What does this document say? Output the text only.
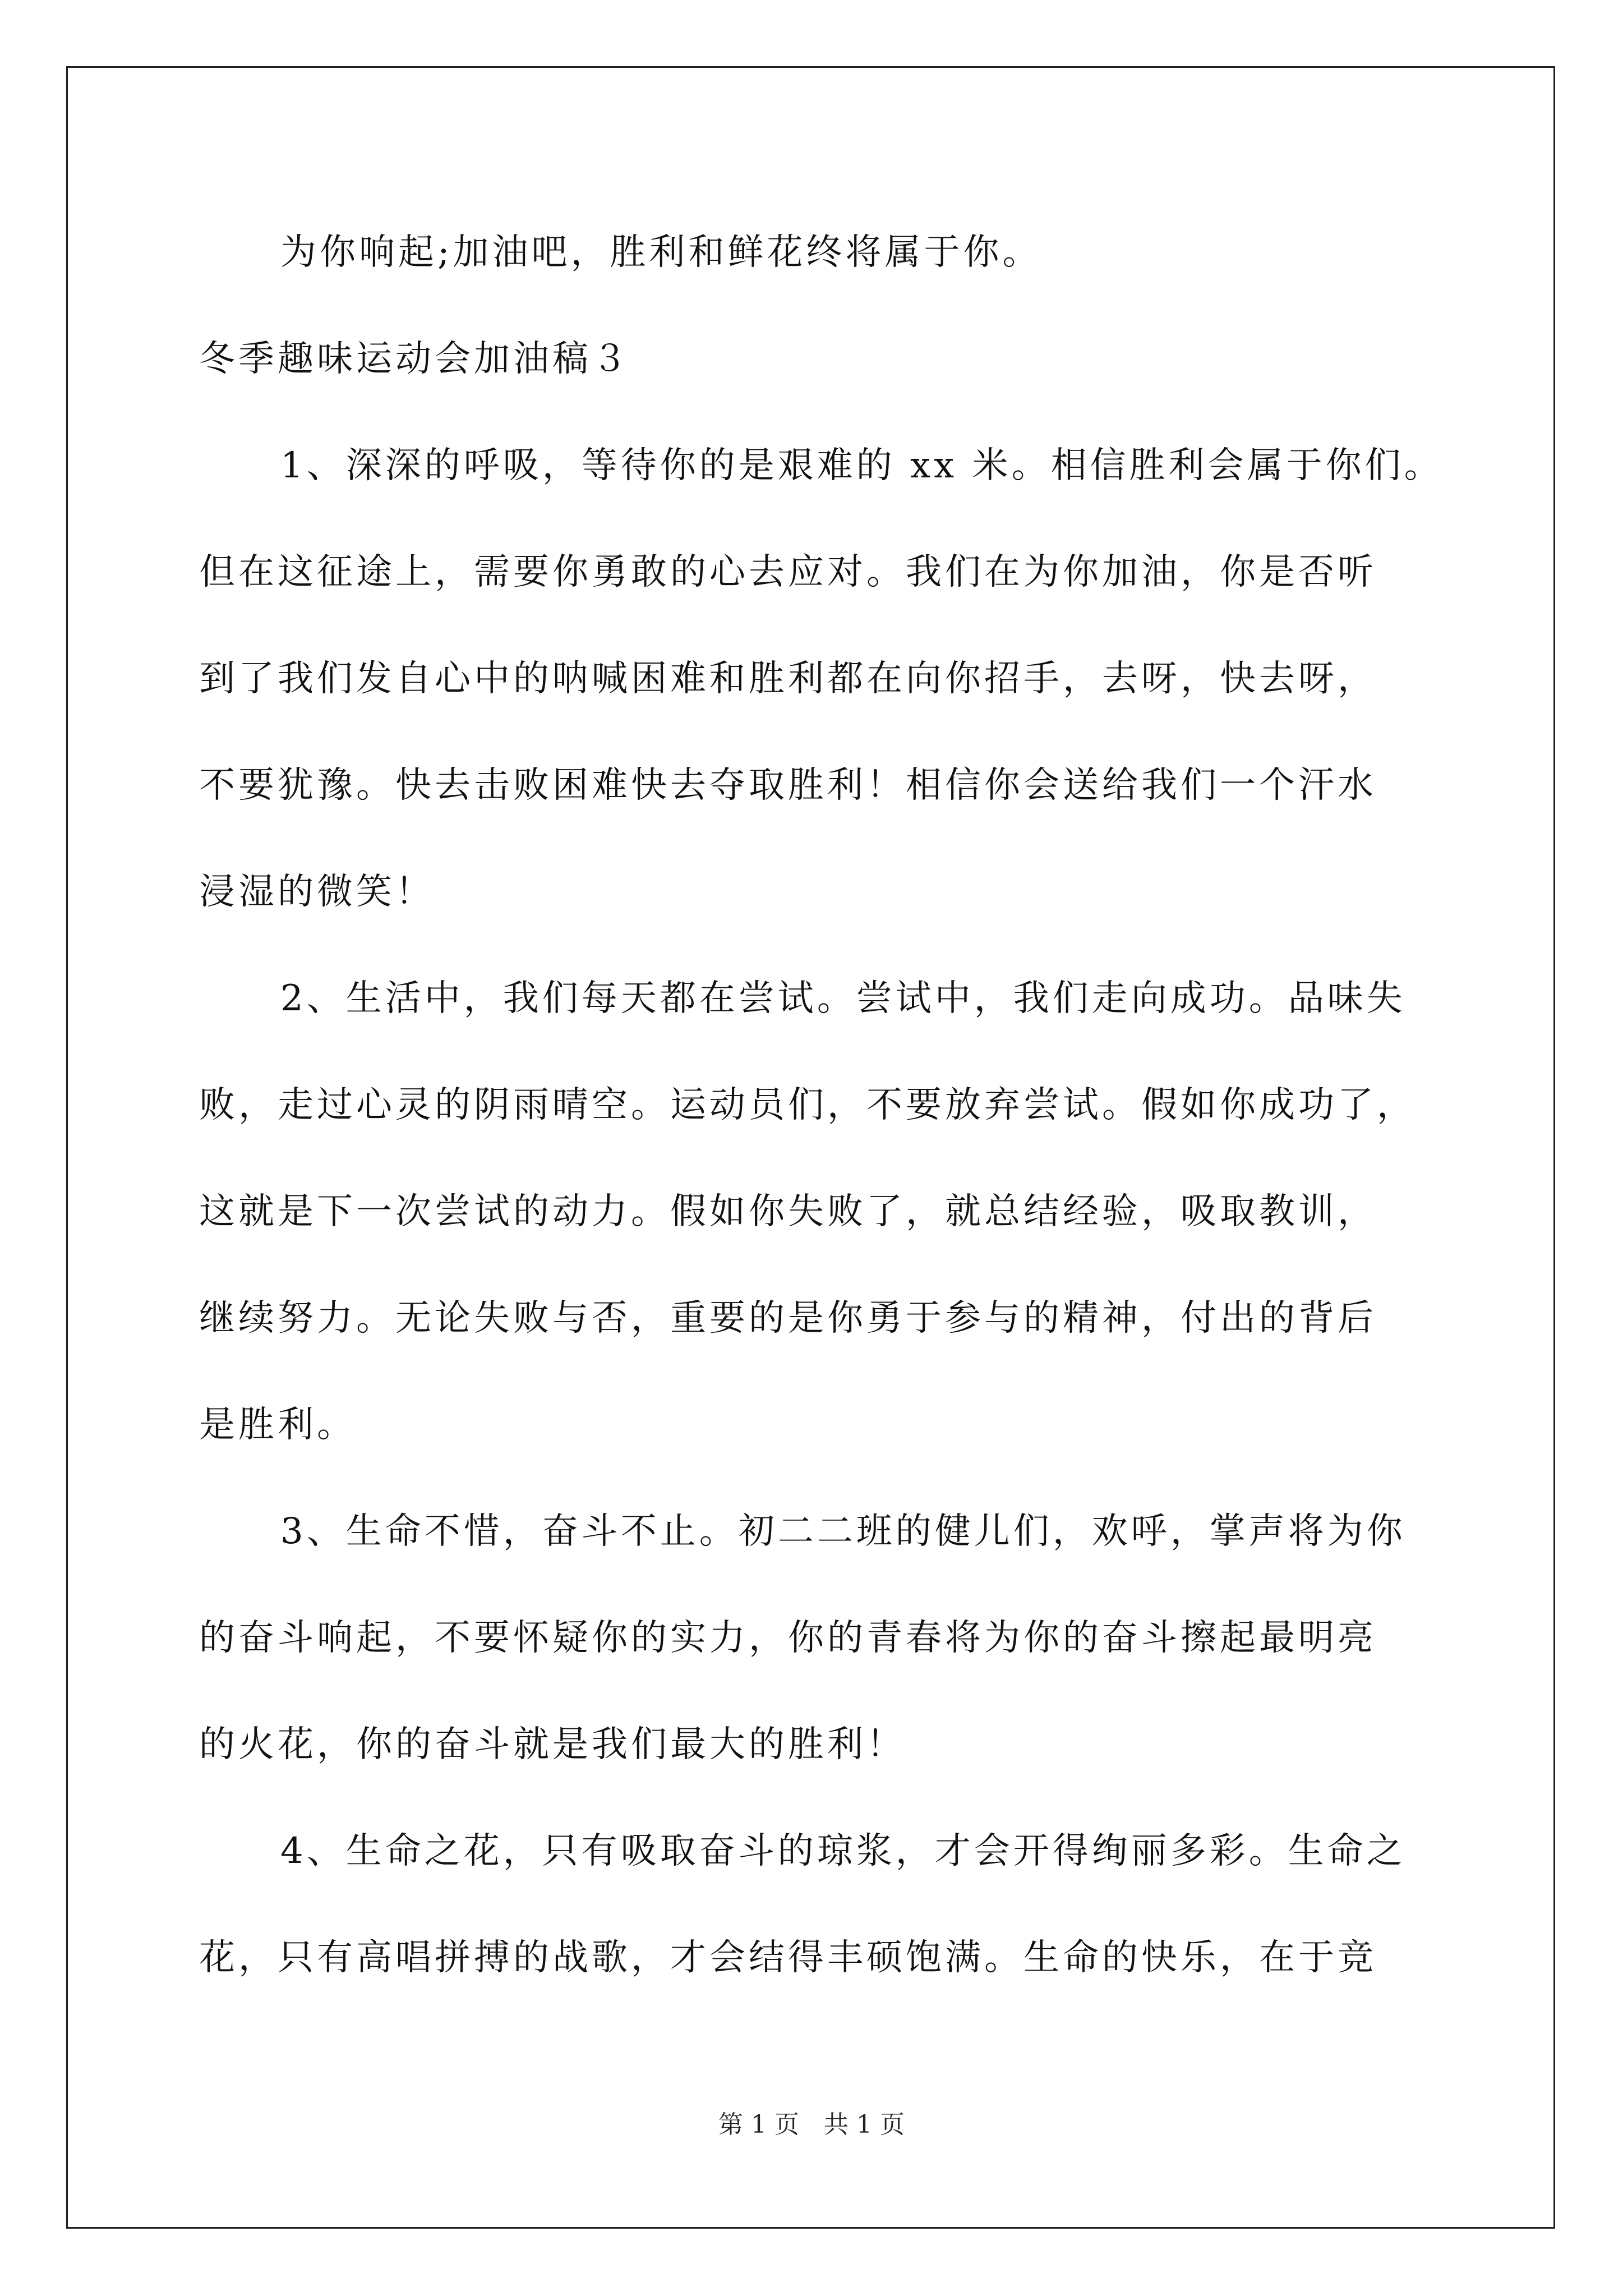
为你响起;加油吧，胜利和鲜花终将属于你。
冬季趣味运动会加油稿３
1、深深的呼吸，等待你的是艰难的 xx 米。相信胜利会属于你们。
但在这征途上，需要你勇敢的心去应对。我们在为你加油，你是否听
到了我们发自心中的呐喊困难和胜利都在向你招手，去呀，快去呀，
不要犹豫。快去击败困难快去夺取胜利！相信你会送给我们一个汗水
浸湿的微笑！
2、生活中，我们每天都在尝试。尝试中，我们走向成功。品味失
败，走过心灵的阴雨晴空。运动员们，不要放弃尝试。假如你成功了，
这就是下一次尝试的动力。假如你失败了，就总结经验，吸取教训，
继续努力。无论失败与否，重要的是你勇于参与的精神，付出的背后
是胜利。
3、生命不惜，奋斗不止。初二二班的健儿们，欢呼，掌声将为你
的奋斗响起，不要怀疑你的实力，你的青春将为你的奋斗擦起最明亮
的火花，你的奋斗就是我们最大的胜利！
4、生命之花，只有吸取奋斗的琼浆，才会开得绚丽多彩。生命之
花，只有高唱拼搏的战歌，才会结得丰硕饱满。生命的快乐，在于竞
第 1 页　共 1 页
